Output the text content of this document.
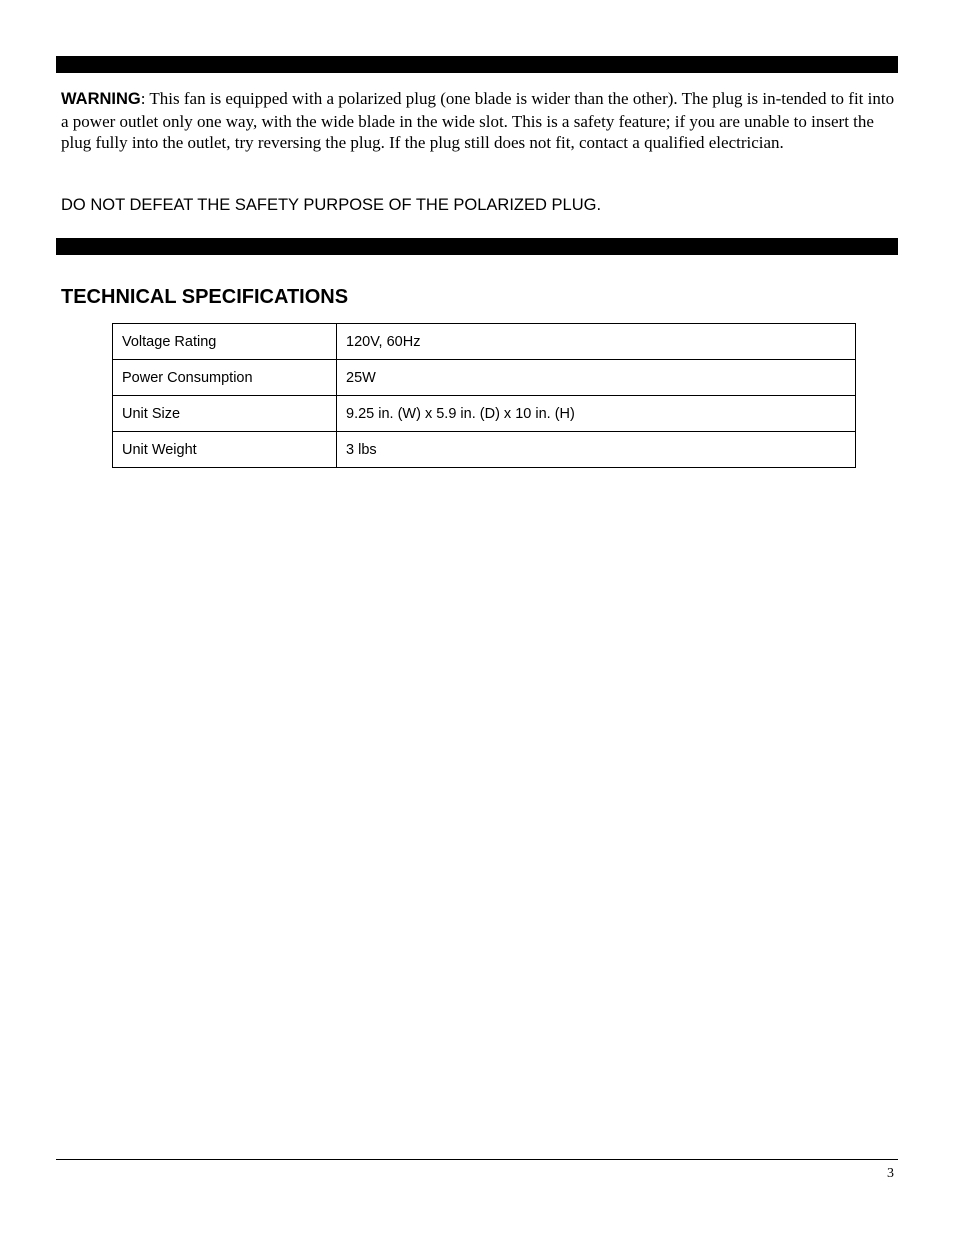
WARNING: This fan is equipped with a polarized plug (one blade is wider than the other). The plug is in-tended to fit into a power outlet only one way, with the wide blade in the wide slot. This is a safety feature; if you are unable to insert the plug fully into the outlet, try reversing the plug. If the plug still does not fit, contact a qualified electrician.
DO NOT DEFEAT THE SAFETY PURPOSE OF THE POLARIZED PLUG.
TECHNICAL SPECIFICATIONS
Voltage Rating	120V, 60Hz
Power Consumption	25W
Unit Size	9.25 in. (W) x 5.9 in. (D) x 10 in. (H)
Unit Weight	3 lbs
3
